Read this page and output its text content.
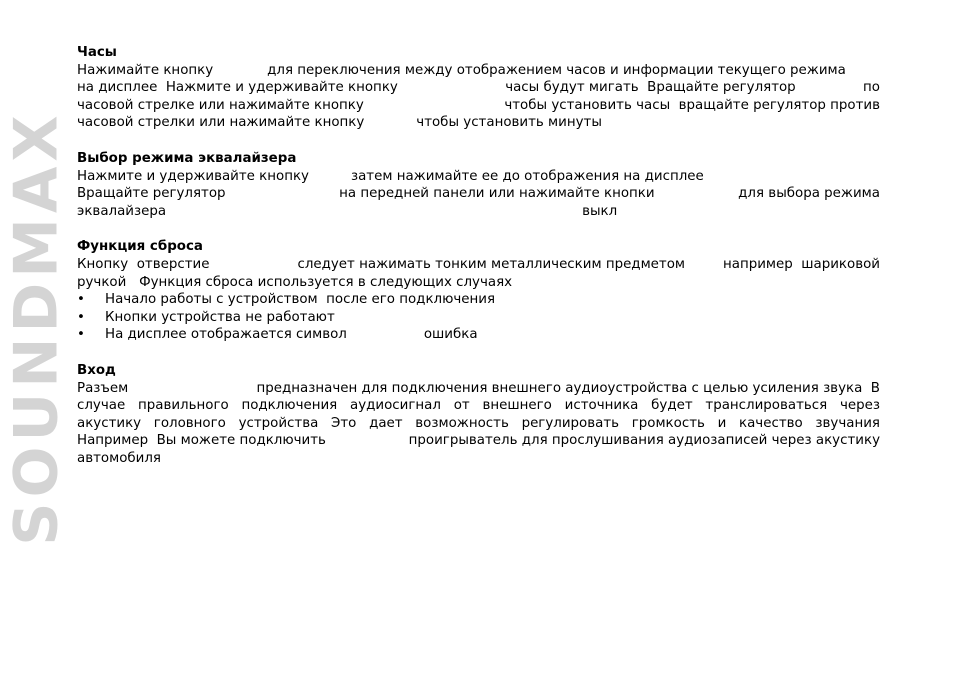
SOUNDMAX
Часы
Нажимайте кнопку	для переключения между отображением часов и информации текущего режима
на дисплее  Нажмите и удерживайте кнопку	часы будут мигать  Вращайте регулятор	по
часовой стрелке или нажимайте кнопку	чтобы установить часы  вращайте регулятор против
часовой стрелки или нажимайте кнопку	чтобы установить минуты
Выбор режима эквалайзера
Нажмите и удерживайте кнопку	затем нажимайте ее до отображения на дисплее
Вращайте регулятор	на передней панели или нажимайте кнопки	для выбора режима
эквалайзера	выкл
Функция сброса
Кнопку  отверстие	следует нажимать тонким металлическим предметом	например  шариковой
ручкой   Функция сброса используется в следующих случаях
• Начало работы с устройством  после его подключения
• Кнопки устройства не работают
• На дисплее отображается символ	ошибка
Вход
Разъем	предназначен для подключения внешнего аудиоустройства с целью усиления звука  В
случае правильного подключения аудиосигнал от внешнего источника будет транслироваться через
акустику головного устройства Это дает возможность регулировать громкость и качество звучания
Например  Вы можете подключить	проигрыватель для прослушивания аудиозаписей через акустику
автомобиля
